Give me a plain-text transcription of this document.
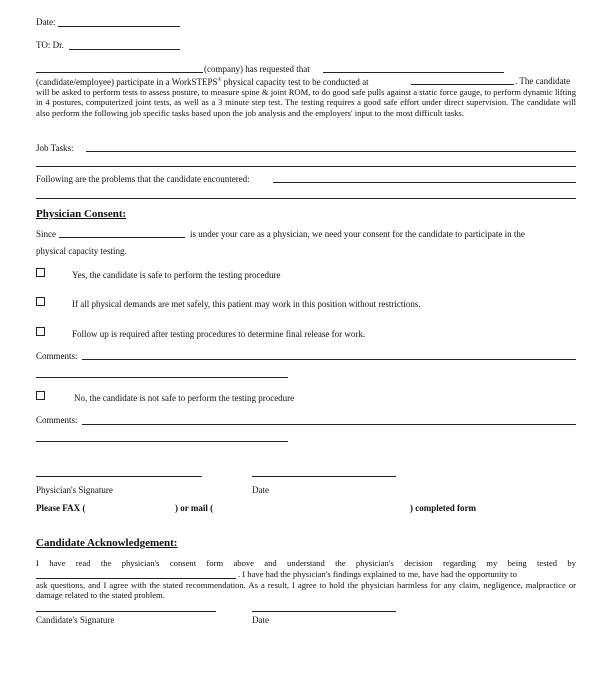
Date:
TO: Dr.
(company) has requested that
(candidate/employee) participate in a WorkSTEPS® physical capacity test to be conducted at	. The candidate
will be asked to perform tests to assess posture, to measure spine & joint ROM, to do good safe pulls against a static force gauge, to perform dynamic lifting in 4 postures, computerized joint tests, as well as a 3 minute step test. The testing requires a good safe effort under direct supervision. The candidate will also perform the following job specific tasks based upon the job analysis and the employers' input to the most difficult tasks.
Job Tasks:
Following are the problems that the candidate encountered:
Physician Consent:
Since	is under your care as a physician, we need your consent for the candidate to participate in the
physical capacity testing.
Yes, the candidate is safe to perform the testing procedure
If all physical demands are met safely, this patient may work in this position without restrictions.
Follow up is required after testing procedures to determine final release for work.
Comments:
No, the candidate is not safe to perform the testing procedure
Comments:
Physician's Signature	Date
Please FAX (	) or mail (	) completed form
Candidate Acknowledgement:
I have read the physician's consent form above and understand the physician's decision regarding my being tested by
. I have had the physician's findings explained to me, have had the opportunity to
ask questions, and I agree with the stated recommendation. As a result, I agree to hold the physician harmless for any claim, negligence, malpractice or damage related to the stated problem.
Candidate's Signature	Date
